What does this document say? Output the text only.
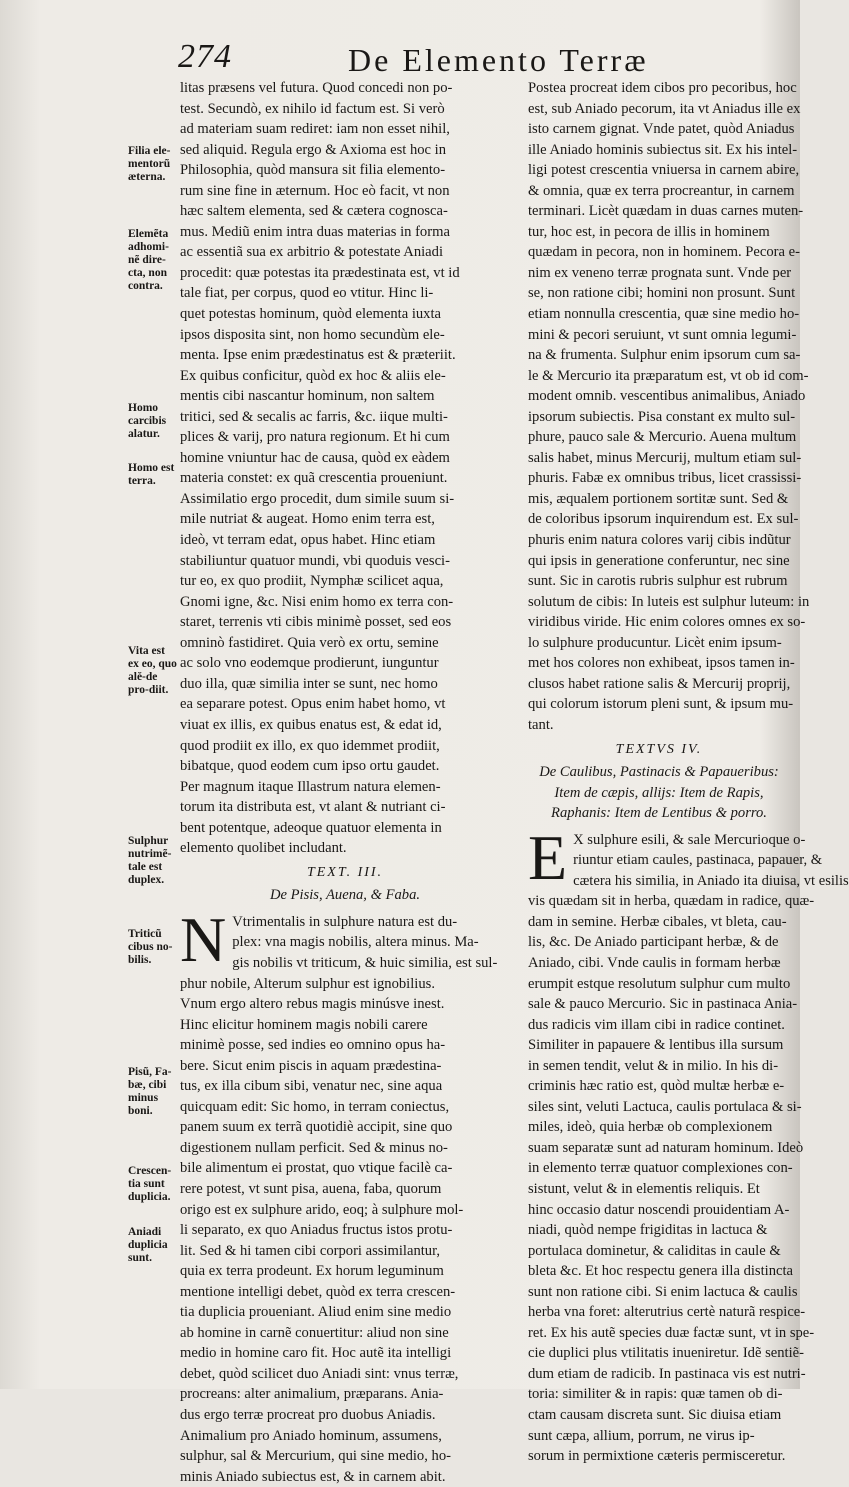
274	De Elemento Terræ
Filia ele-mentorũ æterna.
Elemẽta adhomi-nẽ dire-cta, non contra.
Homo carcibis alatur.
Homo est terra.
Vita est ex eo, quo alĕ-de pro-diit.
Sulphur nutrimẽ-tale est duplex.
Triticũ cibus no-bilis.
Pisũ, Fa-bæ, cibi minus boni.
Crescen-tia sunt duplicia.
Aniadi duplicia sunt.
litas præsens vel futura. Quod concedi non po-
test. Secundò, ex nihilo id factum est. Si verò
ad materiam suam rediret: iam non esset nihil,
sed aliquid. Regula ergo & Axioma est hoc in
Philosophia, quòd mansura sit filia elemento-
rum sine fine in æternum. Hoc eò facit, vt non
hæc saltem elementa, sed & cætera cognosca-
mus. Mediũ enim intra duas materias in forma
ac essentiã sua ex arbitrio & potestate Aniadi
procedit: quæ potestas ita prædestinata est, vt id
tale fiat, per corpus, quod eo vtitur. Hinc li-
quet potestas hominum, quòd elementa iuxta
ipsos disposita sint, non homo secundùm ele-
menta. Ipse enim prædestinatus est & præteriit.
Ex quibus conficitur, quòd ex hoc & aliis ele-
mentis cibi nascantur hominum, non saltem
tritici, sed & secalis ac farris, &c. iique multi-
plices & varij, pro natura regionum. Et hi cum
homine vniuntur hac de causa, quòd ex eàdem
materia constet: ex quã crescentia proueniunt.
Assimilatio ergo procedit, dum simile suum si-
mile nutriat & augeat. Homo enim terra est,
ideò, vt terram edat, opus habet. Hinc etiam
stabiliuntur quatuor mundi, vbi quoduis vesci-
tur eo, ex quo prodiit, Nymphæ scilicet aqua,
Gnomi igne, &c. Nisi enim homo ex terra con-
staret, terrenis vti cibis minimè posset, sed eos
omninò fastidiret. Quia verò ex ortu, semine
ac solo vno eodemque prodierunt, iunguntur
duo illa, quæ similia inter se sunt, nec homo
ea separare potest. Opus enim habet homo, vt
viuat ex illis, ex quibus enatus est, & edat id,
quod prodiit ex illo, ex quo idemmet prodiit,
bibatque, quod eodem cum ipso ortu gaudet.
Per magnum itaque Illastrum natura elemen-
torum ita distributa est, vt alant & nutriant ci-
bent potentque, adeoque quatuor elementa in
elemento quolibet includant.
TEXT. III.
De Pisis, Auena, & Faba.
N Vtrimentalis in sulphure natura est du-
plex: vna magis nobilis, altera minus. Ma-
gis nobilis vt triticum, & huic similia, est sul-
phur nobile, Alterum sulphur est ignobilius.
Vnum ergo altero rebus magis minúsve inest.
Hinc elicitur hominem magis nobili carere
minimè posse, sed indies eo omnino opus ha-
bere. Sicut enim piscis in aquam prædestina-
tus, ex illa cibum sibi, venatur nec, sine aqua
quicquam edit: Sic homo, in terram coniectus,
panem suum ex terrã quotidiè accipit, sine quo
digestionem nullam perficit. Sed & minus no-
bile alimentum ei prostat, quo vtique facilè ca-
rere potest, vt sunt pisa, auena, faba, quorum
origo est ex sulphure arido, eoq; à sulphure mol-
li separato, ex quo Aniadus fructus istos protu-
lit. Sed & hi tamen cibi corpori assimilantur,
quia ex terra prodeunt. Ex horum leguminum
mentione intelligi debet, quòd ex terra crescen-
tia duplicia proueniant. Aliud enim sine medio
ab homine in carnẽ conuertitur: aliud non sine
medio in homine caro fit. Hoc autẽ ita intelligi
debet, quòd scilicet duo Aniadi sint: vnus terræ,
procreans: alter animalium, præparans. Ania-
dus ergo terræ procreat pro duobus Aniadis.
Animalium pro Aniado hominum, assumens,
sulphur, sal & Mercurium, qui sine medio, ho-
minis Aniado subiectus est, & in carnem abit.
Postea procreat idem cibos pro pecoribus, hoc
est, sub Aniado pecorum, ita vt Aniadus ille ex
isto carnem gignat. Vnde patet, quòd Aniadus
ille Aniado hominis subiectus sit. Ex his intel-
ligi potest crescentia vniuersa in carnem abire,
& omnia, quæ ex terra procreantur, in carnem
terminari. Licèt quædam in duas carnes muten-
tur, hoc est, in pecora de illis in hominem
quædam in pecora, non in hominem. Pecora e-
nim ex veneno terræ prognata sunt. Vnde per
se, non ratione cibi; homini non prosunt. Sunt
etiam nonnulla crescentia, quæ sine medio ho-
mini & pecori seruiunt, vt sunt omnia legumi-
na & frumenta. Sulphur enim ipsorum cum sa-
le & Mercurio ita præparatum est, vt ob id com-
modent omnib. vescentibus animalibus, Aniado
ipsorum subiectis. Pisa constant ex multo sul-
phure, pauco sale & Mercurio. Auena multum
salis habet, minus Mercurij, multum etiam sul-
phuris. Fabæ ex omnibus tribus, licet crassissi-
mis, æqualem portionem sortitæ sunt. Sed &
de coloribus ipsorum inquirendum est. Ex sul-
phuris enim natura colores varij cibis indũtur
qui ipsis in generatione conferuntur, nec sine
sunt. Sic in carotis rubris sulphur est rubrum
solutum de cibis: In luteis est sulphur luteum: in
viridibus viride. Hic enim colores omnes ex so-
lo sulphure producuntur. Licèt enim ipsum-
met hos colores non exhibeat, ipsos tamen in-
clusos habet ratione salis & Mercurij proprij,
qui colorum istorum pleni sunt, & ipsum mu-
tant.
TEXTVS IV.
De Caulibus, Pastinacis & Papaueribus: Item de cæpis, allijs: Item de Rapis, Raphanis: Item de Lentibus & porro.
E X sulphure esili, & sale Mercurioque o-
riuntur etiam caules, pastinaca, papauer, &
cætera his similia, in Aniado ita diuisa, vt esilis
vis quædam sit in herba, quædam in radice, quæ-
dam in semine. Herbæ cibales, vt bleta, cau-
lis, &c. De Aniado participant herbæ, & de
Aniado, cibi. Vnde caulis in formam herbæ
erumpit estque resolutum sulphur cum multo
sale & pauco Mercurio. Sic in pastinaca Ania-
dus radicis vim illam cibi in radice continet.
Similiter in papauere & lentibus illa sursum
in semen tendit, velut & in milio. In his di-
criminis hæc ratio est, quòd multæ herbæ e-
siles sint, veluti Lactuca, caulis portulaca & si-
miles, ideò, quia herbæ ob complexionem
suam separatæ sunt ad naturam hominum. Ideò
in elemento terræ quatuor complexiones con-
sistunt, velut & in elementis reliquis. Et
hinc occasio datur noscendi prouidentiam A-
niadi, quòd nempe frigiditas in lactuca &
portulaca dominetur, & caliditas in caule &
bleta &c. Et hoc respectu genera illa distincta
sunt non ratione cibi. Si enim lactuca & caulis
herba vna foret: alterutrius certè naturã respice-
ret. Ex his autẽ species duæ factæ sunt, vt in spe-
cie duplici plus vtilitatis inueniretur. Idẽ sentiẽ-
dum etiam de radicib. In pastinaca vis est nutri-
toria: similiter & in rapis: quæ tamen ob di-
ctam causam discreta sunt. Sic diuisa etiam
sunt cæpa, allium, porrum, ne virus ip-
sorum in permixtione cæteris permisceretur.
